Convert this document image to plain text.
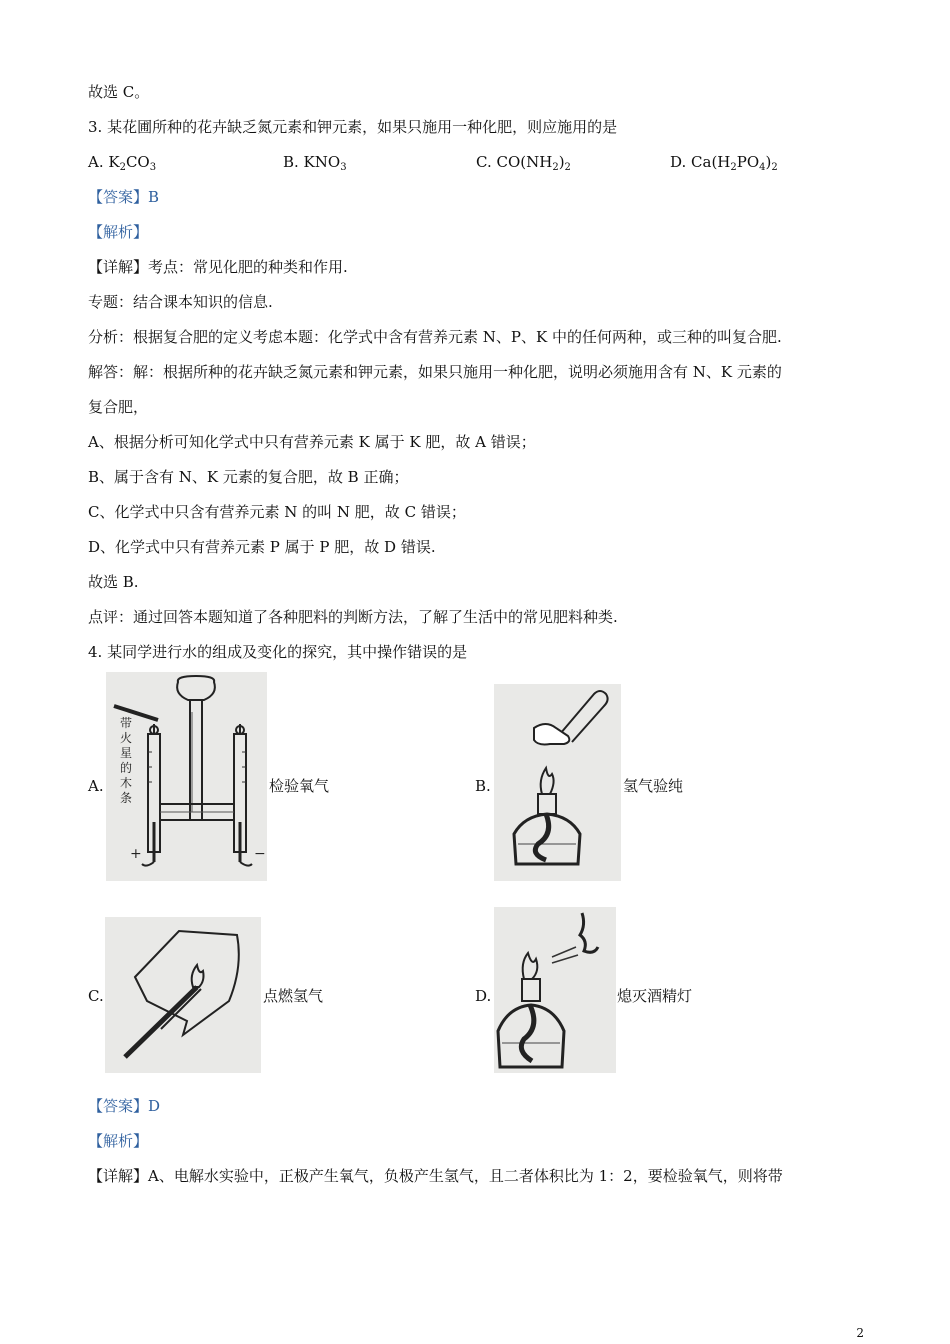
故选 C。
3. 某花圃所种的花卉缺乏氮元素和钾元素，如果只施用一种化肥，则应施用的是
A. $K_2CO_3$	B. $KNO_3$	C. $CO(NH_2)_2$	D. $Ca(H_2PO_4)_2$
【答案】B
【解析】
【详解】考点：常见化肥的种类和作用.
专题：结合课本知识的信息.
分析：根据复合肥的定义考虑本题：化学式中含有营养元素 N、P、K 中的任何两种，或三种的叫复合肥.
解答：解：根据所种的花卉缺乏氮元素和钾元素，如果只施用一种化肥，说明必须施用含有 N、K 元素的
复合肥，
A、根据分析可知化学式中只有营养元素 K 属于 K 肥，故 A 错误；
B、属于含有 N、K 元素的复合肥，故 B 正确；
C、化学式中只含有营养元素 N 的叫 N 肥，故 C 错误；
D、化学式中只有营养元素 P 属于 P 肥，故 D 错误.
故选 B.
点评：通过回答本题知道了各种肥料的判断方法，了解了生活中的常见肥料种类.
4. 某同学进行水的组成及变化的探究，其中操作错误的是
A.
带火星的木条
+	−
检验氧气	B.	氢气验纯
C.	点燃氢气	D.	熄灭酒精灯
【答案】D
【解析】
【详解】A、电解水实验中，正极产生氧气，负极产生氢气，且二者体积比为 1：2，要检验氧气，则将带
2
